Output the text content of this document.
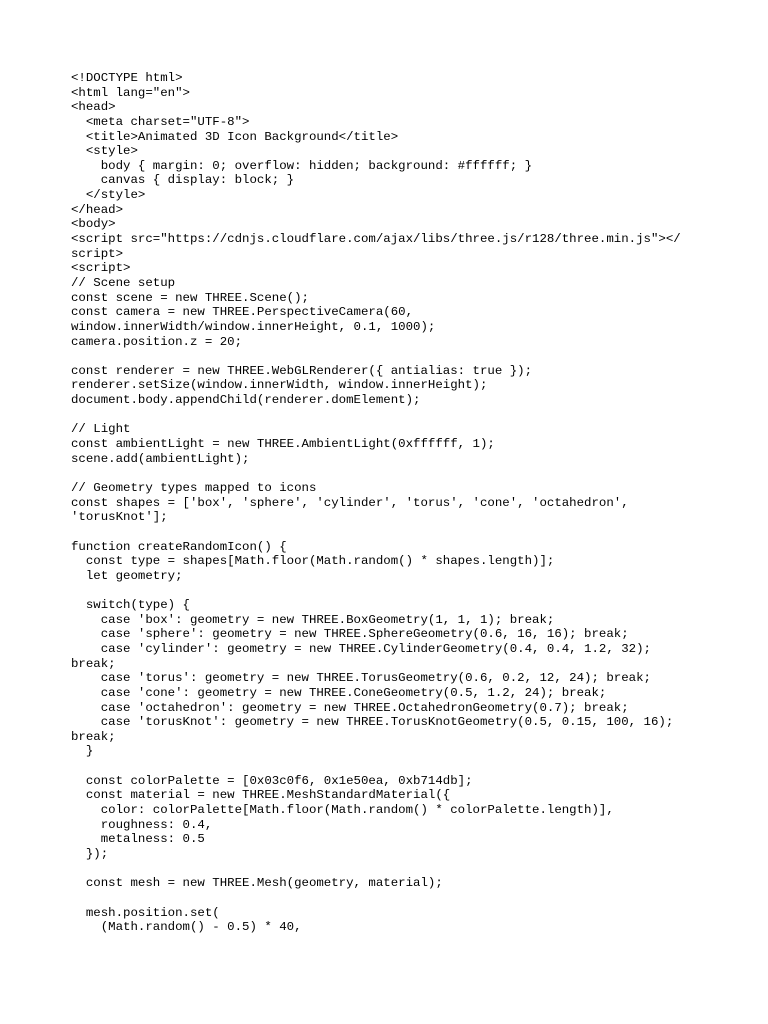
<!DOCTYPE html>
<html lang="en">
<head>
<meta charset="UTF-8">
<title>Animated 3D Icon Background</title>
<style>
body { margin: 0; overflow: hidden; background: #ffffff; }
canvas { display: block; }
</style>
</head>
<body>
<script src="https://cdnjs.cloudflare.com/ajax/libs/three.js/r128/three.min.js"></
script>
<script>
// Scene setup
const scene = new THREE.Scene();
const camera = new THREE.PerspectiveCamera(60,
window.innerWidth/window.innerHeight, 0.1, 1000);
camera.position.z = 20;
const renderer = new THREE.WebGLRenderer({ antialias: true });
renderer.setSize(window.innerWidth, window.innerHeight);
document.body.appendChild(renderer.domElement);
// Light
const ambientLight = new THREE.AmbientLight(0xffffff, 1);
scene.add(ambientLight);
// Geometry types mapped to icons
const shapes = ['box', 'sphere', 'cylinder', 'torus', 'cone', 'octahedron',
'torusKnot'];
function createRandomIcon() {
const type = shapes[Math.floor(Math.random() * shapes.length)];
let geometry;
switch(type) {
case 'box': geometry = new THREE.BoxGeometry(1, 1, 1); break;
case 'sphere': geometry = new THREE.SphereGeometry(0.6, 16, 16); break;
case 'cylinder': geometry = new THREE.CylinderGeometry(0.4, 0.4, 1.2, 32);
break;
case 'torus': geometry = new THREE.TorusGeometry(0.6, 0.2, 12, 24); break;
case 'cone': geometry = new THREE.ConeGeometry(0.5, 1.2, 24); break;
case 'octahedron': geometry = new THREE.OctahedronGeometry(0.7); break;
case 'torusKnot': geometry = new THREE.TorusKnotGeometry(0.5, 0.15, 100, 16);
break;
}
const colorPalette = [0x03c0f6, 0x1e50ea, 0xb714db];
const material = new THREE.MeshStandardMaterial({
color: colorPalette[Math.floor(Math.random() * colorPalette.length)],
roughness: 0.4,
metalness: 0.5
});
const mesh = new THREE.Mesh(geometry, material);
mesh.position.set(
(Math.random() - 0.5) * 40,
